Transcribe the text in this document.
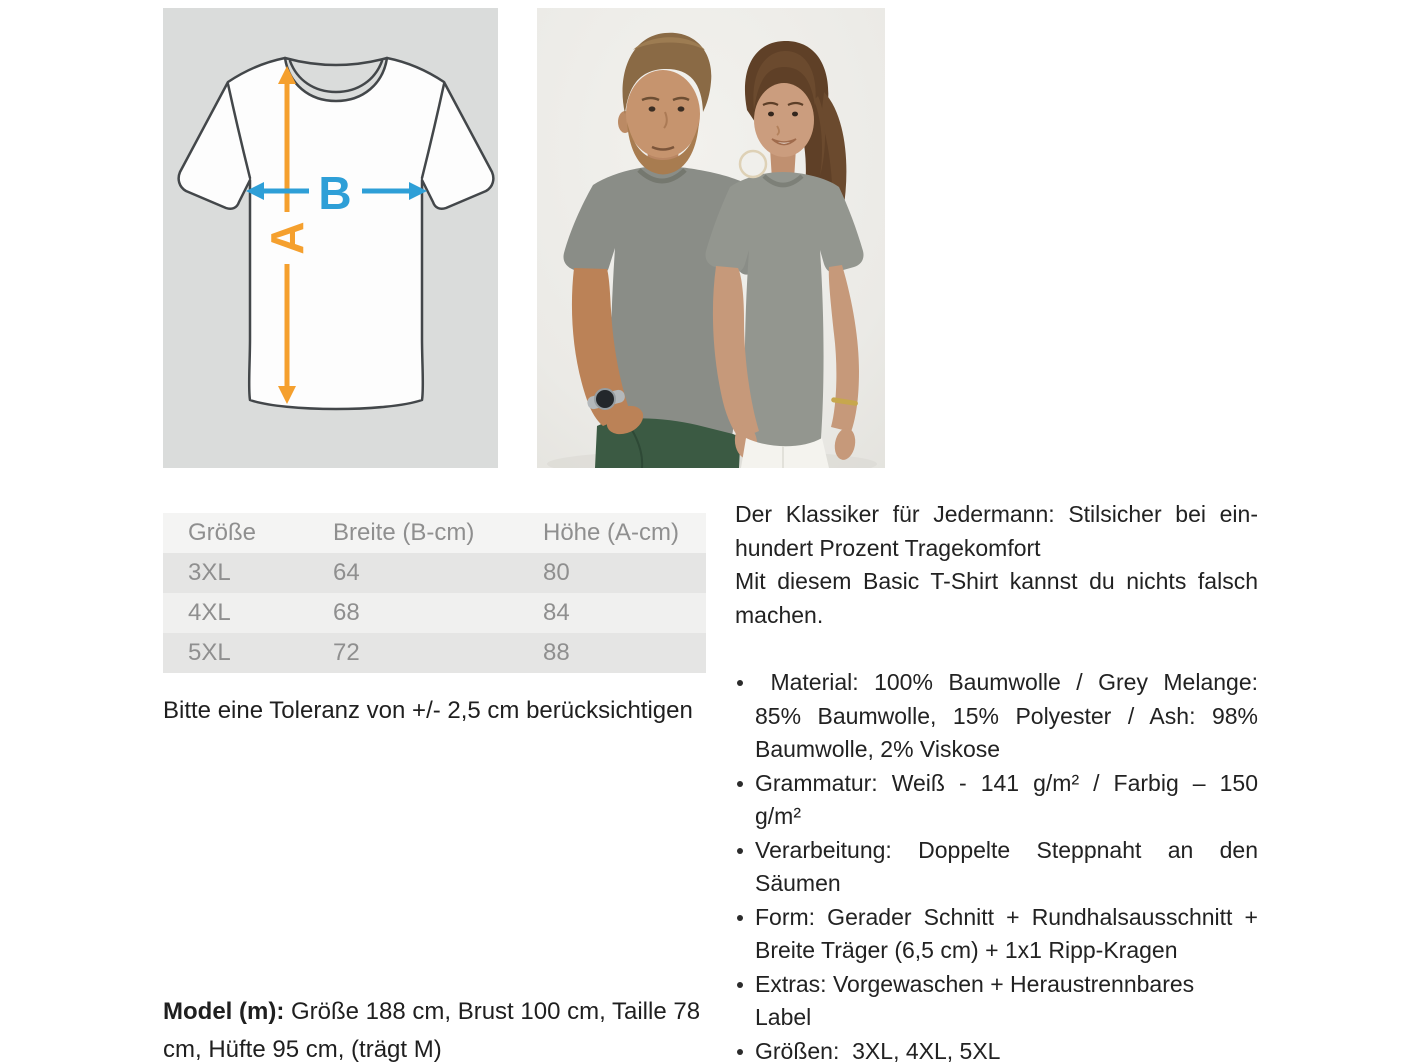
A
B
Größe	Breite (B-cm)	Höhe (A-cm)
3XL	64	80
4XL	68	84
5XL	72	88
Bitte eine Toleranz von +/- 2,5 cm berücksichtigen
Model (m): Größe 188 cm, Brust 100 cm, Taille 78
cm, Hüfte 95 cm, (trägt M)
Der Klassiker für Jedermann: Stilsicher bei ein-
hundert Prozent Tragekomfort
Mit diesem Basic T-Shirt kannst du nichts falsch
machen.
Material: 100% Baumwolle / Grey Melange:
85% Baumwolle, 15% Polyester / Ash: 98%
Baumwolle, 2% Viskose
Grammatur: Weiß - 141 g/m² / Farbig – 150
g/m²
Verarbeitung: Doppelte Steppnaht an den
Säumen
Form: Gerader Schnitt + Rundhalsausschnitt +
Breite Träger (6,5 cm) + 1x1 Ripp-Kragen
Extras: Vorgewaschen + Heraustrennbares
Label
Größen:  3XL, 4XL, 5XL
